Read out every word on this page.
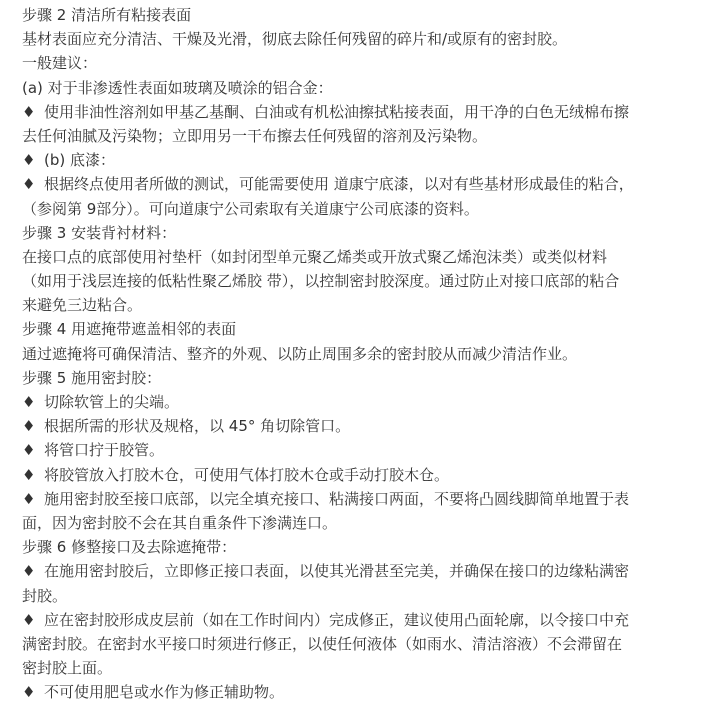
步骤 2 清洁所有粘接表面
基材表面应充分清洁、干燥及光滑，彻底去除任何残留的碎片和/或原有的密封胶。
一般建议：
(a) 对于非渗透性表面如玻璃及喷涂的铝合金：
♦ 使用非油性溶剂如甲基乙基酮、白油或有机松油擦拭粘接表面，用干净的白色无绒棉布擦
去任何油腻及污染物；立即用另一干布擦去任何残留的溶剂及污染物。
♦ (b) 底漆：
♦ 根据终点使用者所做的测试，可能需要使用 道康宁底漆，以对有些基材形成最佳的粘合，
（参阅第 9部分）。可向道康宁公司索取有关道康宁公司底漆的资料。
步骤 3 安装背衬材料：
在接口点的底部使用衬垫杆（如封闭型单元聚乙烯类或开放式聚乙烯泡沫类）或类似材料
（如用于浅层连接的低粘性聚乙烯胶 带），以控制密封胶深度。通过防止对接口底部的粘合
来避免三边粘合。
步骤 4 用遮掩带遮盖相邻的表面
通过遮掩将可确保清洁、整齐的外观、以防止周围多余的密封胶从而减少清洁作业。
步骤 5 施用密封胶：
♦ 切除软管上的尖端。
♦ 根据所需的形状及规格，以 45° 角切除管口。
♦ 将管口拧于胶管。
♦ 将胶管放入打胶木仓，可使用气体打胶木仓或手动打胶木仓。
♦ 施用密封胶至接口底部，以完全填充接口、粘满接口两面，不要将凸圆线脚简单地置于表
面，因为密封胶不会在其自重条件下渗满连口。
步骤 6 修整接口及去除遮掩带：
♦ 在施用密封胶后，立即修正接口表面，以使其光滑甚至完美，并确保在接口的边缘粘满密
封胶。
♦ 应在密封胶形成皮层前（如在工作时间内）完成修正，建议使用凸面轮廓，以令接口中充
满密封胶。在密封水平接口时须进行修正，以使任何液体（如雨水、清洁溶液）不会滞留在
密封胶上面。
♦ 不可使用肥皂或水作为修正辅助物。
